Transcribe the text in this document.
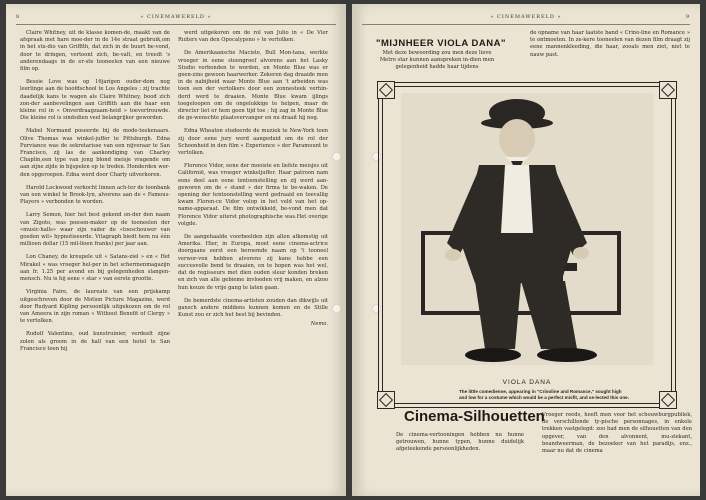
8	« CINEMAWERELD »

Claire Whitney, uit de klasse komen-de, maakt van de afspraak met hare moe-der in de 14e straat gebruik,om in het stu-dio van Griffith, dat zich in de buurt be-vond, door te dringen, vertoont zich, be-valt, en treedt 's anderendaags in de er-ste tooneelen van een nieuwe film op.

Bessie Love was op 16jarigen ouder-dom nog leerlinge aan de hoofdschool te Los Angeles ; zij trachte daadelijk kans te wagen als Claire Whitney, bood zich zon-der aanbevelingen aan Griffith aan die haar een kleine rol in « Onverdraagzaam-heid » toevertrouwde. Die kleine rol is sindsdien veel belangrijker geworden.

Mabel Normand poseerde bij de mode-teekenaars. Olive Thomas was winkel-juffer te Pittsburgh. Edna Purviance was de sekretarisse van een nijveraar te San Francisco, zij las de aankondiging van Charley Chaplin,een type van jong blond meisje vragende om aan zijne zijde in bijspelen op te treden. Honderden wer-den opgeroepen. Edna werd door Charly uitverkoren.

Harold Lockwood verkocht linnen ach-ter de toonbank van een winkel te Brook-lyn, alvorens aan de « Famous-Players » verbonden te worden.

Larry Semon, hier het best gekend on-der den naam van Zigoto, was poesen-maker op de tooneelen der «music-halls» waar zijn vader de «toeschouwer van goeden wil» hypnotiseerde. Vitagraph biedt hem nu één millioen dollar (15 mil-lioen franks) per jaar aan.

Lon Chaney, de kreupele uit « Satans-ziel » en « Het Mirakel » was vroeger hel-per in het schermenmagazijn aan fr. 1.25 per avond en bij gelegenheden slangen-mensch. Nu is hij eene « star » van eerste grootte.

Virginia Faire, de laureate van een prijskamp uitgeschreven door de Motion Picture Magazine, werd door Rudyard Kipling persoonlijk uitgekozen om de rol van Ameera in zijn roman « Without Benefit of Clergy » te vertolken.

Rudolf Valentino, oud kunstruinier, verdeelt zijne zolen als groom in de hall van een hotel te San Francisco toen hij

werd uitgekoren om de rol van Julio in « De Vier Ruiters van den Opocalypsno » te vertolken.

De Amerikaansche Maciste, Bull Mon-tana, werkte vroeger in eene steengroef alvorens aan het Lasky Studio verbonden te worden, en Monte Blue was er geen-zins gewoon haarwerker. Zekeren dag draaide men in de nabijheid waar Monte Blue aan 't arbeiden was toen een der vertolkers door een zonnesteek verhin-derd werd te draaien. Monte Blue kwam ijlings toegeloopen om de ongelukkige te helpen, maar de directer liet er hem geen tijd toe ; hij zag in Monte Blue de ge-wenschte plaatsvervanger en nu draait hij nog.

Edna Wheaton studeerde de muziek te New-York toen zij door eene jury werd aangeduid om de rol der Schoonheid in den film « Experience » der Paramount te vertolken.

Florence Vidor, eene der mooiste en liefste meisjes uit Californië, was vroeger winkeljuffer. Haar patroon nam eens deel aan eene tentoonstelling en zij werd aan-geworen om de « stand » der firma te be-waken. De opening der tentoonstelling werd gedraaid en toevallig kwam Floren-ce Vidor volop in het veld van het op-name-apparaat. De film ontwikkeld, be-vond men dat Florence Vidor uiterst photographische was.Het overige volgde.

De aangehaalde voorbeelden zijn allen afkomstig uit Amerika. Hier, in Europa, moet eene cinema-actrice doorgaans eerst een beroemde naam op 't tooneel verwor-ven hebben alvorens zij kans hebbe een succesvolle bend te draaien, en te hopen was het wel, dat de regisseurs met dien ouden sleur konden breken en zich van alle gebieme invloeden vrij maken, en alzoo hun keuze de vrije gang te laten gaan.

De bemerdste cinema-artisten zouden dan dikwijls uit gansch andere middens kunnen komen en de Stille Kunst zou er zich het best bij bevinden.

Nemo.

« CINEMAWERELD »	9
"MIJNHEER VIOLA DANA"
Met deze bewoording zou men deze lieve Metro star kunnen aanspreken in-dien men gelegenheid hadde haar tijdens
de opname van haar laatste band « Crino-line en Romance » te ontmoeten. In ze-kere tooneelen van dezen film draagt zij eene mannenkleeding, die haar, zooals men ziet, niet te nauw past.
VIOLA DANA
The little comedienne, appearing in "Crinoline and Romance," sought high and low for a costume which would be a perfect misfit, and se-lected this one.
Cinema-Silhouetten
De cinema-vertooningen hebben nu hunne getrouwen, hunne typen, hunne duidelijk afgeteekende persoonlijkheden.
Vroeger reeds, heeft men voor het schouwburgpubliek, de verschillende ty-pische personnages, in enkele trekken vastgelegd: zoo had men de silhouetten van den opgever, van den alvonnent, mu-ziekant, beandweerman, de bezoeker van het paradijs, enz., maar nu dat de cinema
